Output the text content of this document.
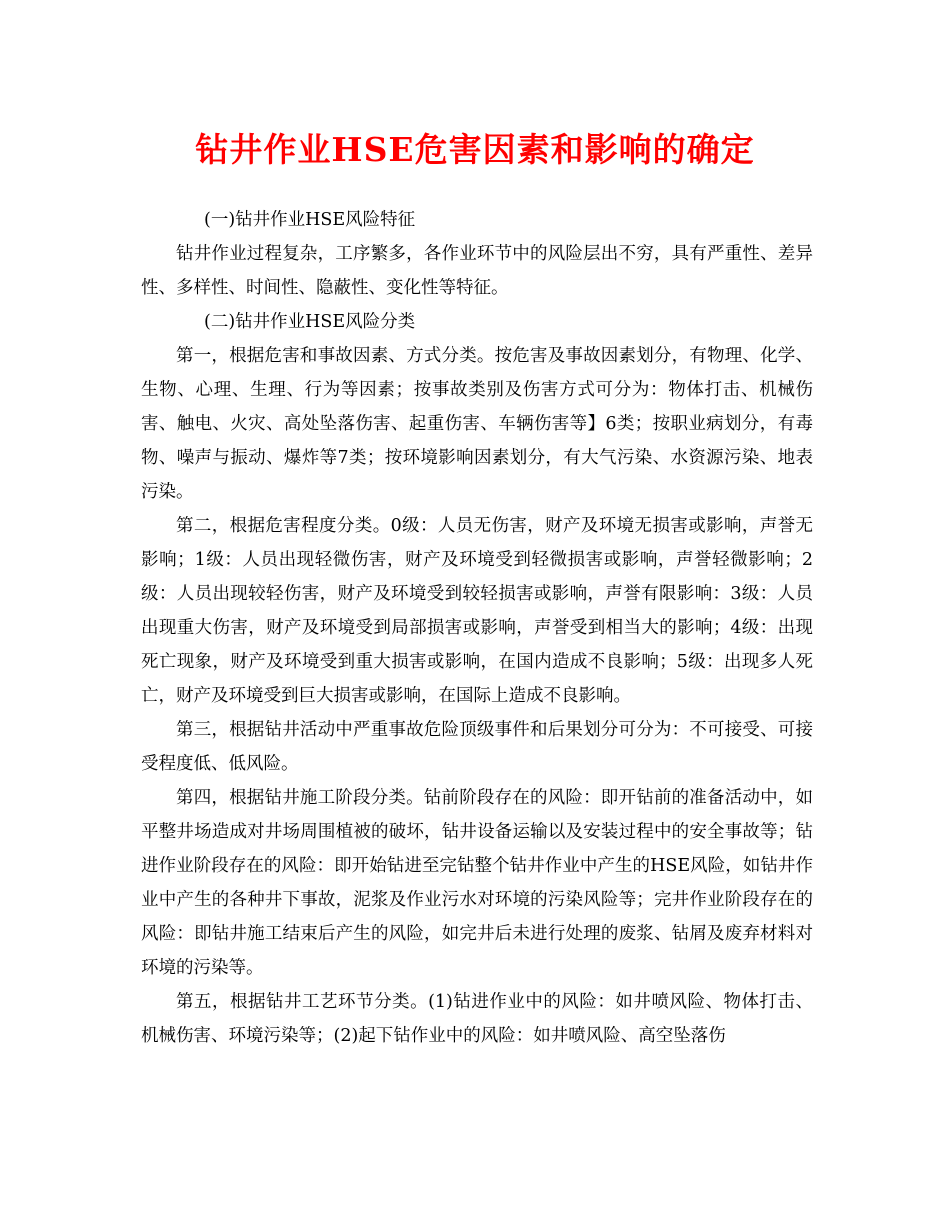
钻井作业HSE危害因素和影响的确定

(一)钻井作业HSE风险特征

钻井作业过程复杂，工序繁多，各作业环节中的风险层出不穷，具有严重性、差异性、多样性、时间性、隐蔽性、变化性等特征。

(二)钻井作业HSE风险分类

第一，根据危害和事故因素、方式分类。按危害及事故因素划分，有物理、化学、生物、心理、生理、行为等因素；按事故类别及伤害方式可分为：物体打击、机械伤害、触电、火灾、高处坠落伤害、起重伤害、车辆伤害等】6类；按职业病划分，有毒物、噪声与振动、爆炸等7类；按环境影响因素划分，有大气污染、水资源污染、地表污染。

第二，根据危害程度分类。0级：人员无伤害，财产及环境无损害或影响，声誉无影响；1级：人员出现轻微伤害，财产及环境受到轻微损害或影响，声誉轻微影响；2级：人员出现较轻伤害，财产及环境受到较轻损害或影响，声誉有限影响：3级：人员出现重大伤害，财产及环境受到局部损害或影响，声誉受到相当大的影响；4级：出现死亡现象，财产及环境受到重大损害或影响，在国内造成不良影响；5级：出现多人死亡，财产及环境受到巨大损害或影响，在国际上造成不良影响。

第三，根据钻井活动中严重事故危险顶级事件和后果划分可分为：不可接受、可接受程度低、低风险。

第四，根据钻井施工阶段分类。钻前阶段存在的风险：即开钻前的准备活动中，如平整井场造成对井场周围植被的破坏，钻井设备运输以及安装过程中的安全事故等；钻进作业阶段存在的风险：即开始钻进至完钻整个钻井作业中产生的HSE风险，如钻井作业中产生的各种井下事故，泥浆及作业污水对环境的污染风险等；完井作业阶段存在的风险：即钻井施工结束后产生的风险，如完井后未进行处理的废浆、钻屑及废弃材料对环境的污染等。

第五，根据钻井工艺环节分类。(1)钻进作业中的风险：如井喷风险、物体打击、机械伤害、环境污染等；(2)起下钻作业中的风险：如井喷风险、高空坠落伤
